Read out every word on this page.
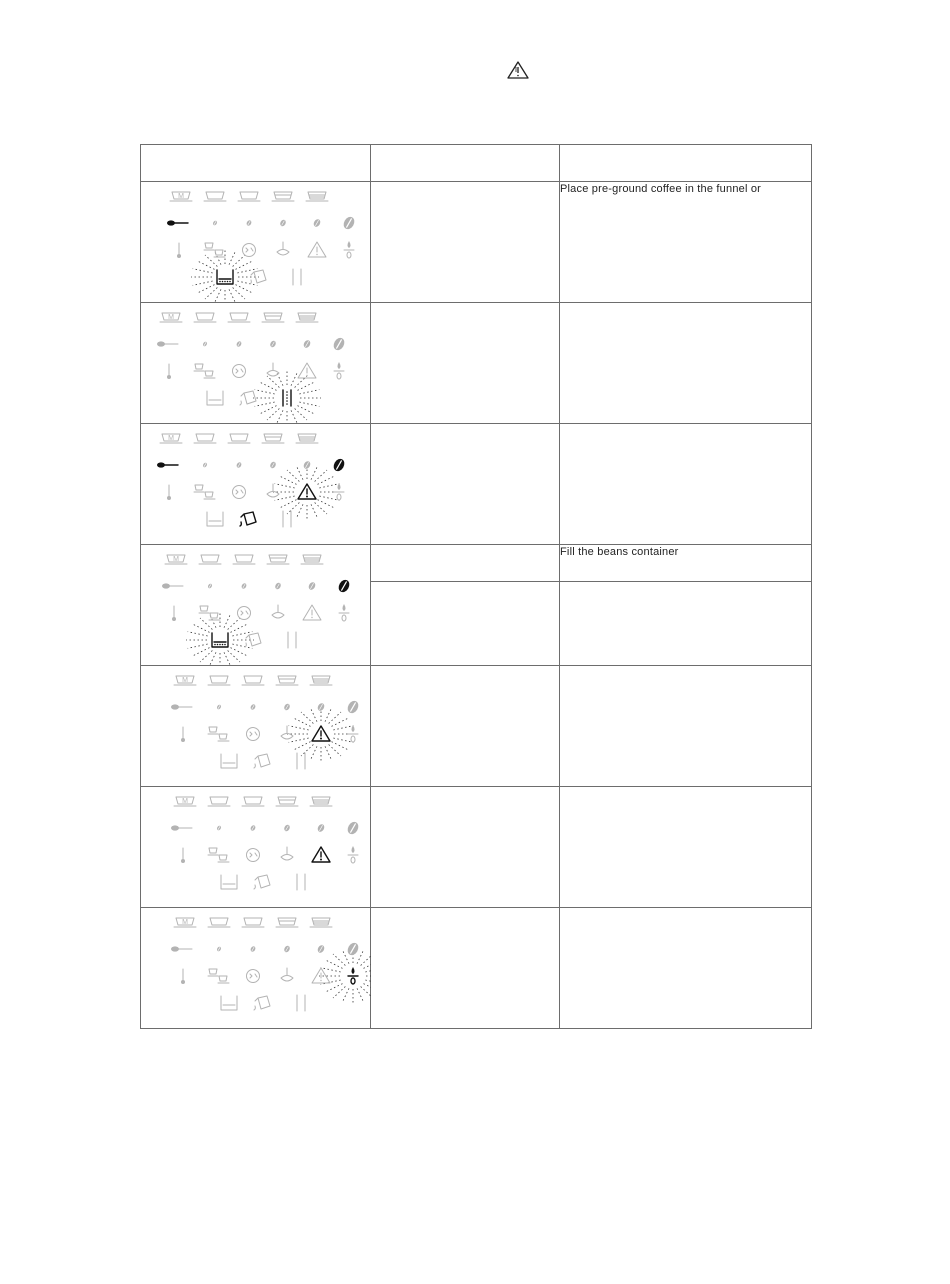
M		Place pre-ground coffee in the funnel or

M		

M		

M		Fill the beans container

M		

M		

M		
